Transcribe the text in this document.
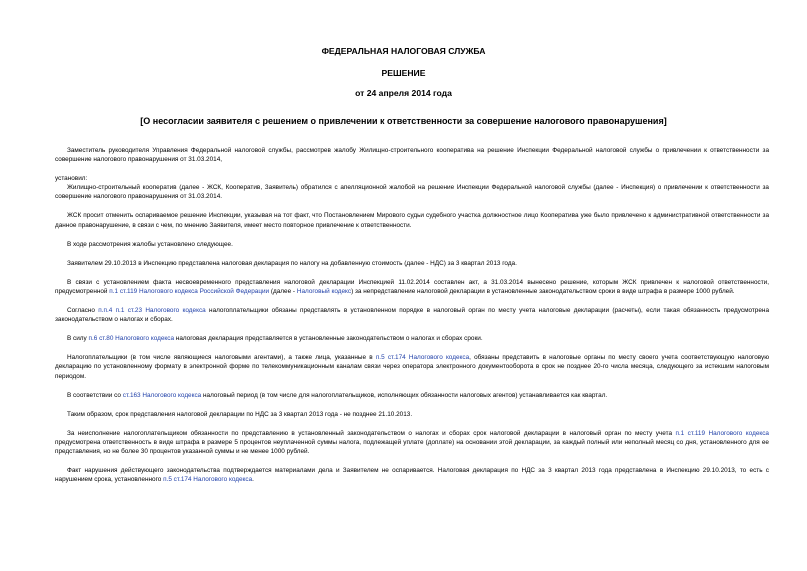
ФЕДЕРАЛЬНАЯ НАЛОГОВАЯ СЛУЖБА
РЕШЕНИЕ
от 24 апреля 2014 года
[О несогласии заявителя с решением о привлечении к ответственности за совершение налогового правонарушения]

Заместитель руководителя Управления Федеральной налоговой службы, рассмотрев жалобу Жилищно-строительного кооператива на решение Инспекции Федеральной налоговой службы о привлечении к ответственности за совершение налогового правонарушения от 31.03.2014,

установил:

Жилищно-строительный кооператив (далее - ЖСК, Кооператив, Заявитель) обратился с апелляционной жалобой на решение Инспекции Федеральной налоговой службы (далее - Инспекция) о привлечении к ответственности за совершение налогового правонарушения от 31.03.2014.

ЖСК просит отменить оспариваемое решение Инспекции, указывая на тот факт, что Постановлением Мирового судьи судебного участка должностное лицо Кооператива уже было привлечено к административной ответственности за данное правонарушение, в связи с чем, по мнению Заявителя, имеет место повторное привлечение к ответственности.

В ходе рассмотрения жалобы установлено следующее.

Заявителем 29.10.2013 в Инспекцию представлена налоговая декларация по налогу на добавленную стоимость (далее - НДС) за 3 квартал 2013 года.

В связи с установлением факта несвоевременного представления налоговой декларации Инспекцией 11.02.2014 составлен акт, а 31.03.2014 вынесено решение, которым ЖСК привлечен к налоговой ответственности, предусмотренной п.1 ст.119 Налогового кодекса Российской Федерации (далее - Налоговый кодекс) за непредставление налоговой декларации в установленные законодательством сроки в виде штрафа в размере 1000 рублей.

Согласно п.п.4 п.1 ст.23 Налогового кодекса налогоплательщики обязаны представлять в установленном порядке в налоговый орган по месту учета налоговые декларации (расчеты), если такая обязанность предусмотрена законодательством о налогах и сборах.

В силу п.6 ст.80 Налогового кодекса налоговая декларация представляется в установленные законодательством о налогах и сборах сроки.

Налогоплательщики (в том числе являющиеся налоговыми агентами), а также лица, указанные в п.5 ст.174 Налогового кодекса, обязаны представить в налоговые органы по месту своего учета соответствующую налоговую декларацию по установленному формату в электронной форме по телекоммуникационным каналам связи через оператора электронного документооборота в срок не позднее 20-го числа месяца, следующего за истекшим налоговым периодом.

В соответствии со ст.163 Налогового кодекса налоговый период (в том числе для налогоплательщиков, исполняющих обязанности налоговых агентов) устанавливается как квартал.

Таким образом, срок представления налоговой декларации по НДС за 3 квартал 2013 года - не позднее 21.10.2013.

За неисполнение налогоплательщиком обязанности по представлению в установленный законодательством о налогах и сборах срок налоговой декларации в налоговый орган по месту учета п.1 ст.119 Налогового кодекса предусмотрена ответственность в виде штрафа в размере 5 процентов неуплаченной суммы налога, подлежащей уплате (доплате) на основании этой декларации, за каждый полный или неполный месяц со дня, установленного для ее представления, но не более 30 процентов указанной суммы и не менее 1000 рублей.

Факт нарушения действующего законодательства подтверждается материалами дела и Заявителем не оспаривается. Налоговая декларация по НДС за 3 квартал 2013 года представлена в Инспекцию 29.10.2013, то есть с нарушением срока, установленного п.5 ст.174 Налогового кодекса.
